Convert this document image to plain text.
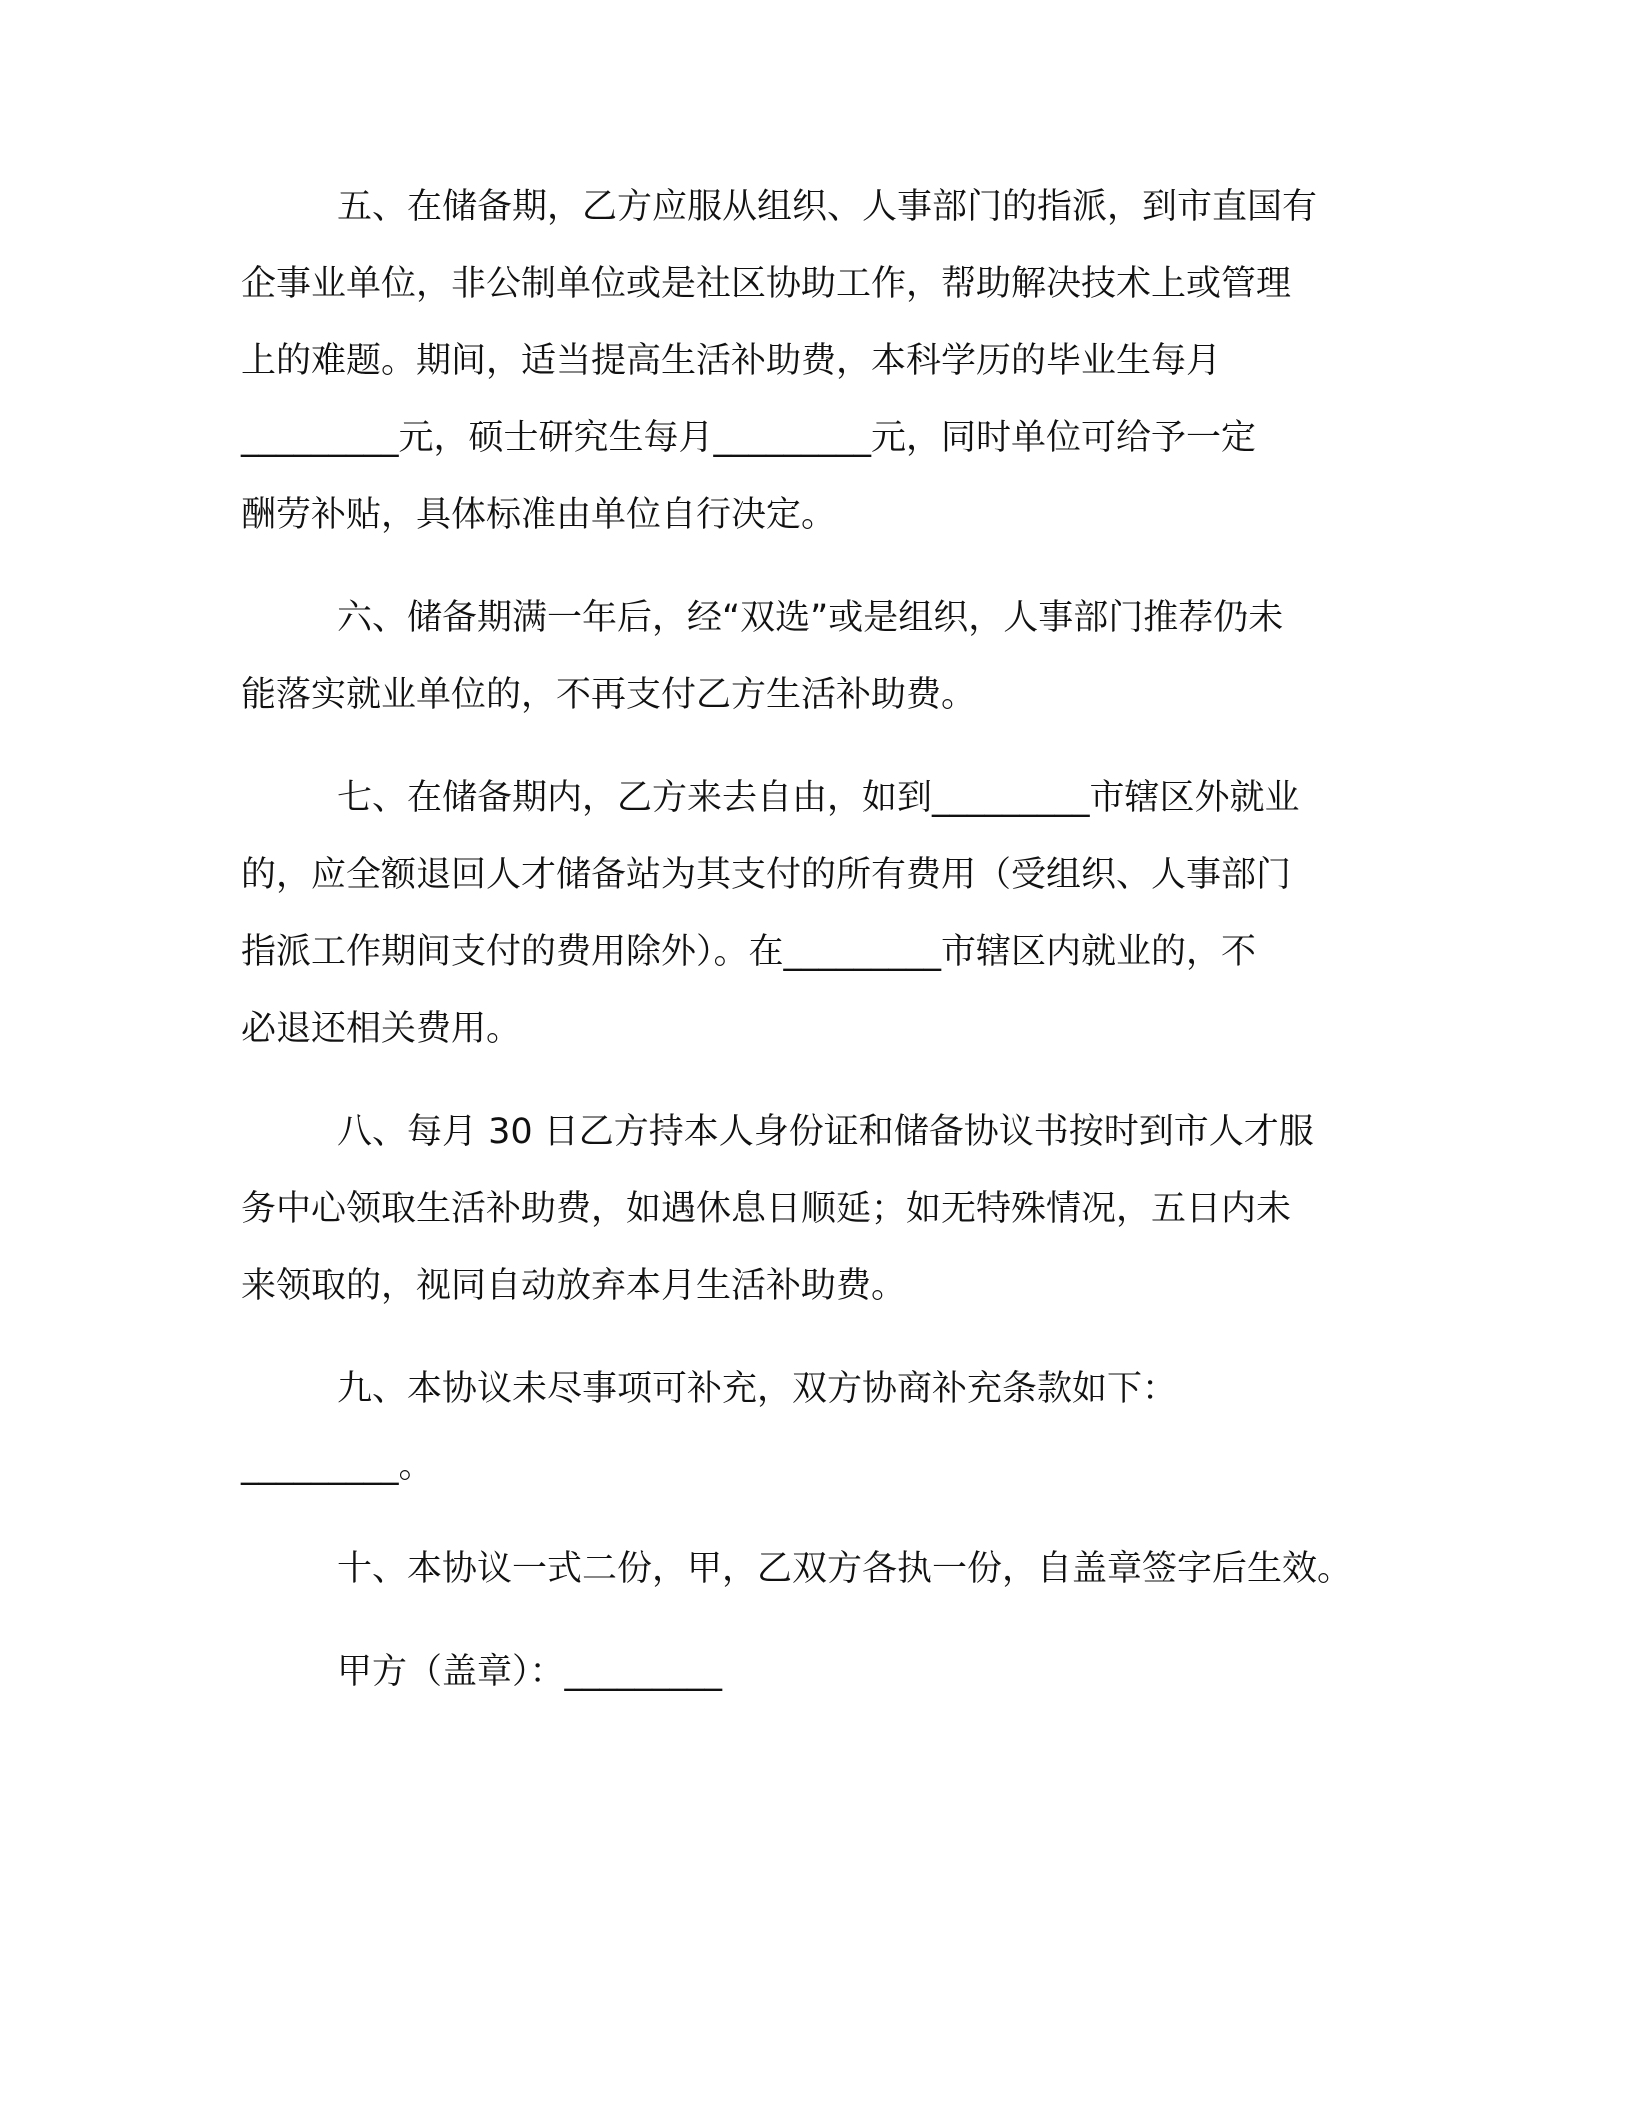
五、在储备期，乙方应服从组织、人事部门的指派，到市直国有
企事业单位，非公制单位或是社区协助工作，帮助解决技术上或管理
上的难题。期间，适当提高生活补助费，本科学历的毕业生每月
_________元，硕士研究生每月_________元，同时单位可给予一定
酬劳补贴，具体标准由单位自行决定。
六、储备期满一年后，经“双选”或是组织，人事部门推荐仍未
能落实就业单位的，不再支付乙方生活补助费。
七、在储备期内，乙方来去自由，如到_________市辖区外就业
的，应全额退回人才储备站为其支付的所有费用（受组织、人事部门
指派工作期间支付的费用除外）。在_________市辖区内就业的，不
必退还相关费用。
八、每月 30 日乙方持本人身份证和储备协议书按时到市人才服
务中心领取生活补助费，如遇休息日顺延；如无特殊情况，五日内未
来领取的，视同自动放弃本月生活补助费。
九、本协议未尽事项可补充，双方协商补充条款如下：
_________。
十、本协议一式二份，甲，乙双方各执一份，自盖章签字后生效。
甲方（盖章）：_________
